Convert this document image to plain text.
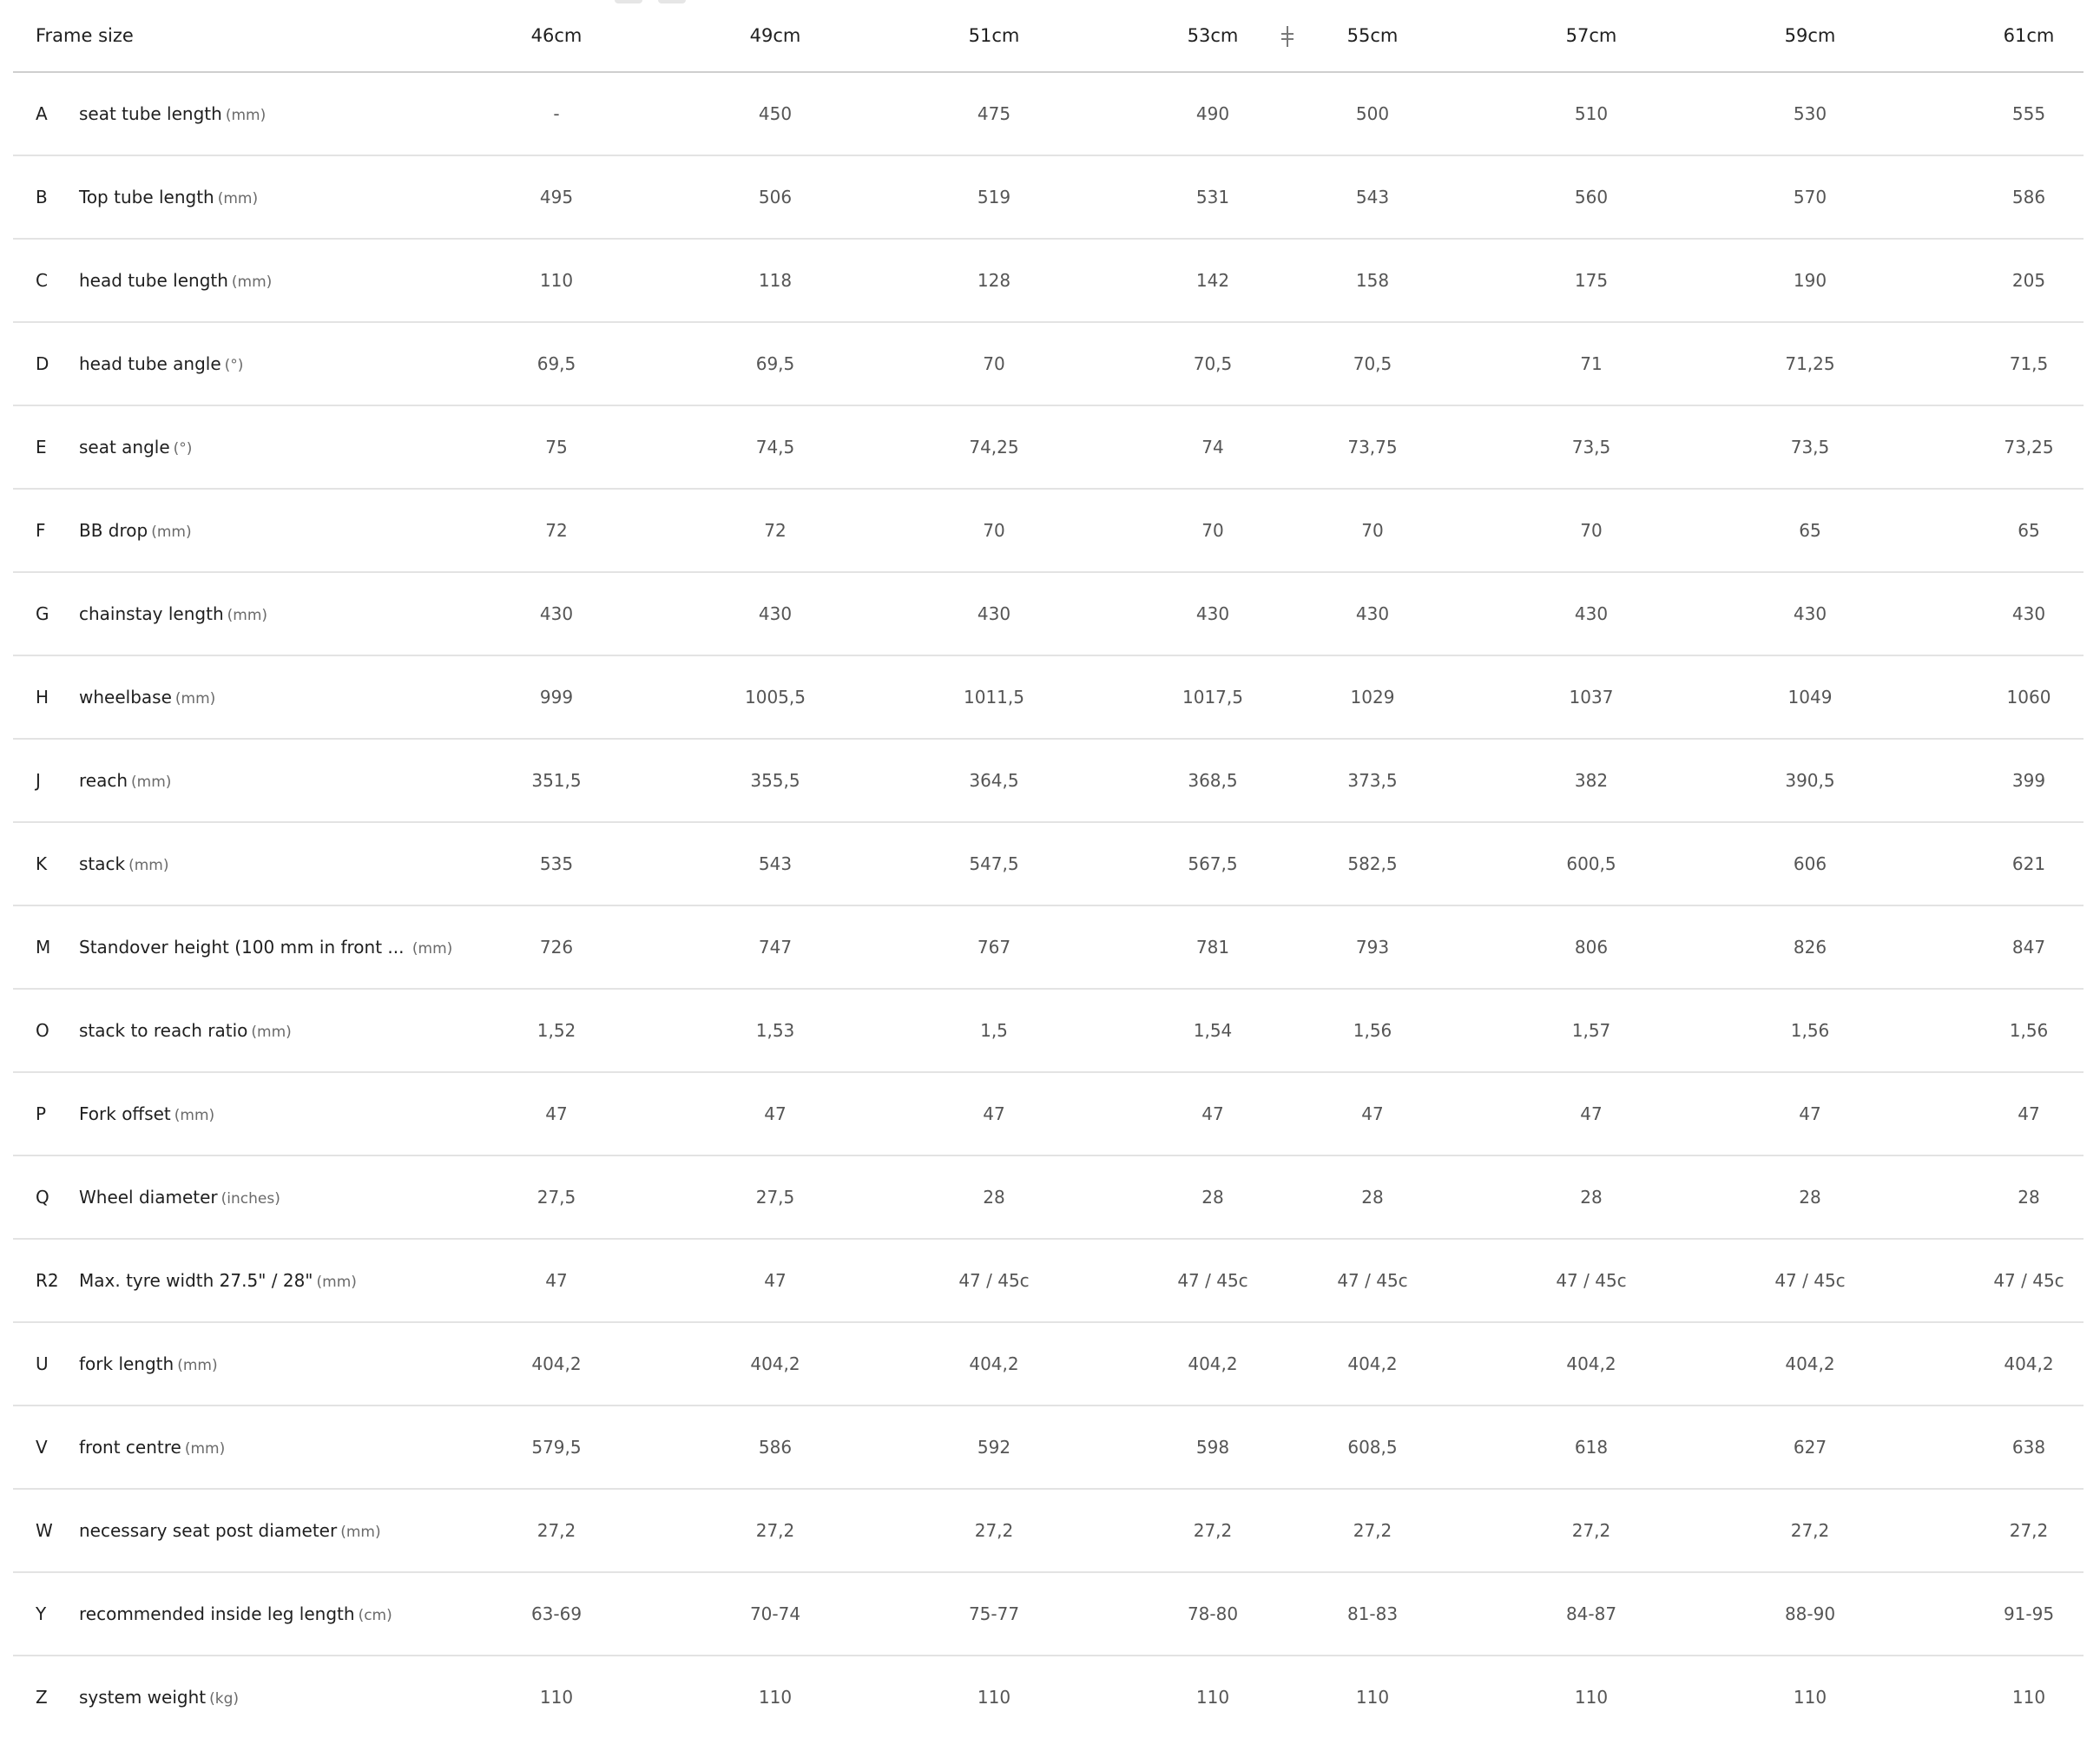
Frame size	46cm	49cm	51cm	53cm	55cm	57cm	59cm	61cm
A seat tube length (mm)	-	450	475	490	500	510	530	555
B Top tube length (mm)	495	506	519	531	543	560	570	586
C head tube length (mm)	110	118	128	142	158	175	190	205
D head tube angle (°)	69,5	69,5	70	70,5	70,5	71	71,25	71,5
E seat angle (°)	75	74,5	74,25	74	73,75	73,5	73,5	73,25
F BB drop (mm)	72	72	70	70	70	70	65	65
G chainstay length (mm)	430	430	430	430	430	430	430	430
H wheelbase (mm)	999	1005,5	1011,5	1017,5	1029	1037	1049	1060
J reach (mm)	351,5	355,5	364,5	368,5	373,5	382	390,5	399
K stack (mm)	535	543	547,5	567,5	582,5	600,5	606	621
M Standover height (100 mm in front ... (mm)	726	747	767	781	793	806	826	847
O stack to reach ratio (mm)	1,52	1,53	1,5	1,54	1,56	1,57	1,56	1,56
P Fork offset (mm)	47	47	47	47	47	47	47	47
Q Wheel diameter (inches)	27,5	27,5	28	28	28	28	28	28
R2 Max. tyre width 27.5" / 28" (mm)	47	47	47 / 45c	47 / 45c	47 / 45c	47 / 45c	47 / 45c	47 / 45c
U fork length (mm)	404,2	404,2	404,2	404,2	404,2	404,2	404,2	404,2
V front centre (mm)	579,5	586	592	598	608,5	618	627	638
W necessary seat post diameter (mm)	27,2	27,2	27,2	27,2	27,2	27,2	27,2	27,2
Y recommended inside leg length (cm)	63-69	70-74	75-77	78-80	81-83	84-87	88-90	91-95
Z system weight (kg)	110	110	110	110	110	110	110	110
